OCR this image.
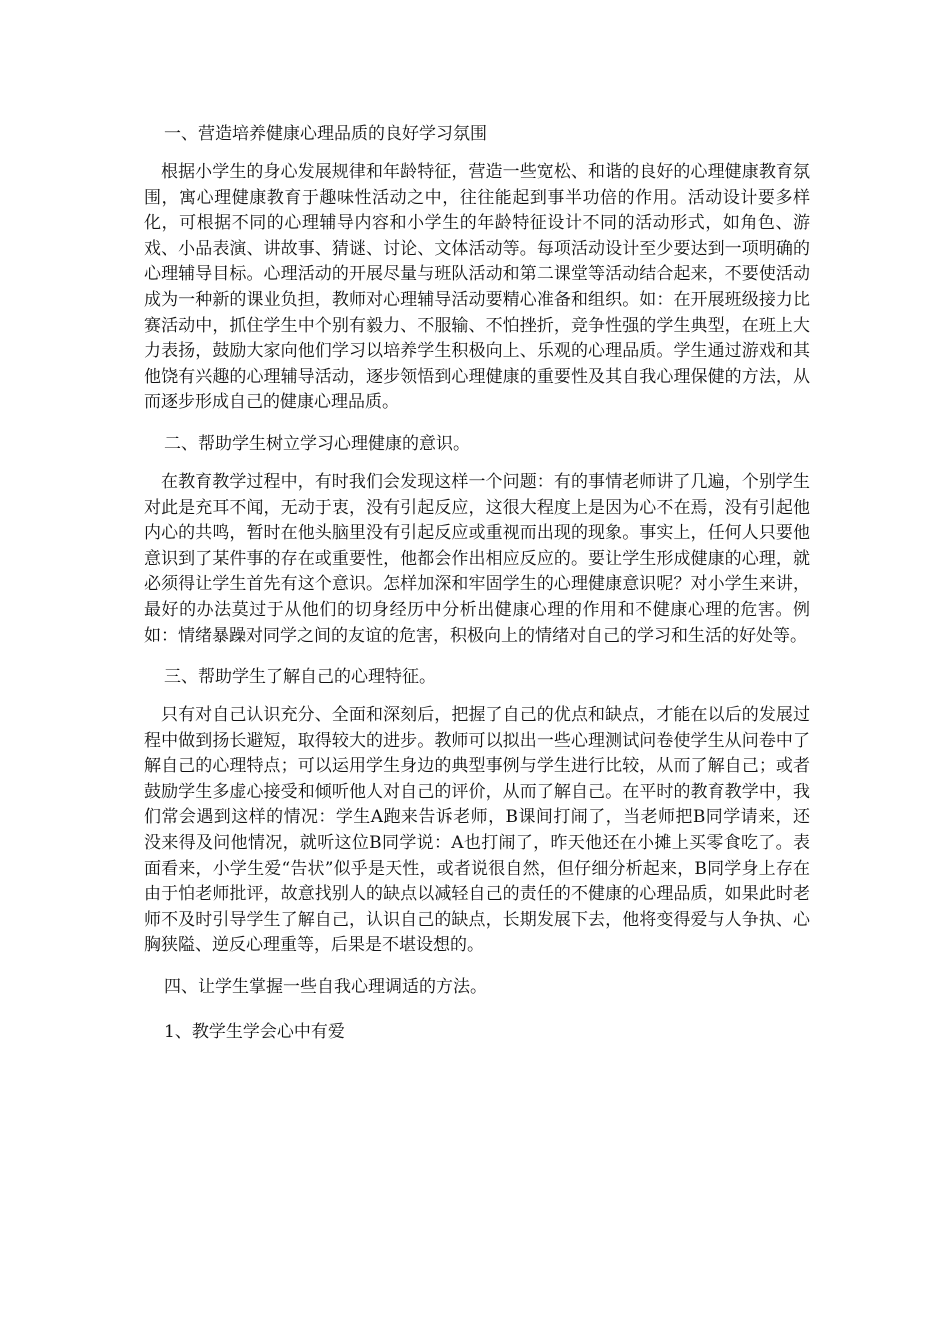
一、营造培养健康心理品质的良好学习氛围

根据小学生的身心发展规律和年龄特征，营造一些宽松、和谐的良好的心理健康教育氛围，寓心理健康教育于趣味性活动之中，往往能起到事半功倍的作用。活动设计要多样化，可根据不同的心理辅导内容和小学生的年龄特征设计不同的活动形式，如角色、游戏、小品表演、讲故事、猜谜、讨论、文体活动等。每项活动设计至少要达到一项明确的心理辅导目标。心理活动的开展尽量与班队活动和第二课堂等活动结合起来，不要使活动成为一种新的课业负担，教师对心理辅导活动要精心准备和组织。如：在开展班级接力比赛活动中，抓住学生中个别有毅力、不服输、不怕挫折，竞争性强的学生典型，在班上大力表扬，鼓励大家向他们学习以培养学生积极向上、乐观的心理品质。学生通过游戏和其他饶有兴趣的心理辅导活动，逐步领悟到心理健康的重要性及其自我心理保健的方法，从而逐步形成自己的健康心理品质。

二、帮助学生树立学习心理健康的意识。

在教育教学过程中，有时我们会发现这样一个问题：有的事情老师讲了几遍，个别学生对此是充耳不闻，无动于衷，没有引起反应，这很大程度上是因为心不在焉，没有引起他内心的共鸣，暂时在他头脑里没有引起反应或重视而出现的现象。事实上，任何人只要他意识到了某件事的存在或重要性，他都会作出相应反应的。要让学生形成健康的心理，就必须得让学生首先有这个意识。怎样加深和牢固学生的心理健康意识呢？对小学生来讲，最好的办法莫过于从他们的切身经历中分析出健康心理的作用和不健康心理的危害。例如：情绪暴躁对同学之间的友谊的危害，积极向上的情绪对自己的学习和生活的好处等。

三、帮助学生了解自己的心理特征。

只有对自己认识充分、全面和深刻后，把握了自己的优点和缺点，才能在以后的发展过程中做到扬长避短，取得较大的进步。教师可以拟出一些心理测试问卷使学生从问卷中了解自己的心理特点；可以运用学生身边的典型事例与学生进行比较，从而了解自己；或者鼓励学生多虚心接受和倾听他人对自己的评价，从而了解自己。在平时的教育教学中，我们常会遇到这样的情况：学生A跑来告诉老师，B课间打闹了，当老师把B同学请来，还没来得及问他情况，就听这位B同学说：A也打闹了，昨天他还在小摊上买零食吃了。表面看来，小学生爱“告状”似乎是天性，或者说很自然，但仔细分析起来，B同学身上存在由于怕老师批评，故意找别人的缺点以减轻自己的责任的不健康的心理品质，如果此时老师不及时引导学生了解自己，认识自己的缺点，长期发展下去，他将变得爱与人争执、心胸狭隘、逆反心理重等，后果是不堪设想的。

四、让学生掌握一些自我心理调适的方法。

1、教学生学会心中有爱
